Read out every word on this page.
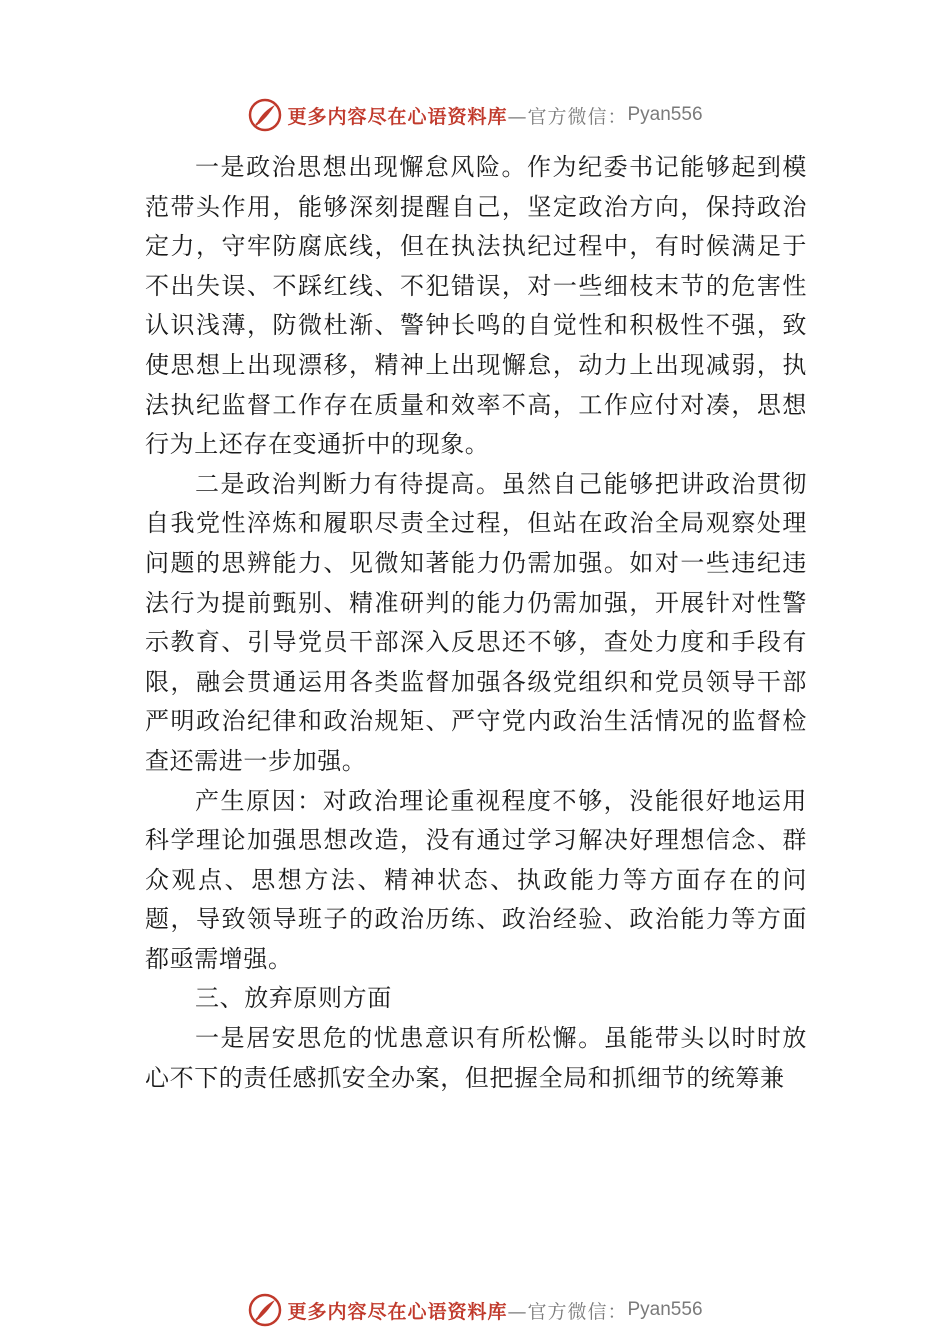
更多内容尽在心语资料库 —官方微信： Pyan556

一是政治思想出现懈怠风险。作为纪委书记能够起到模范带头作用，能够深刻提醒自己，坚定政治方向，保持政治定力，守牢防腐底线，但在执法执纪过程中，有时候满足于不出失误、不踩红线、不犯错误，对一些细枝末节的危害性认识浅薄，防微杜渐、警钟长鸣的自觉性和积极性不强，致使思想上出现漂移，精神上出现懈怠，动力上出现减弱，执法执纪监督工作存在质量和效率不高，工作应付对凑，思想行为上还存在变通折中的现象。

二是政治判断力有待提高。虽然自己能够把讲政治贯彻自我党性淬炼和履职尽责全过程，但站在政治全局观察处理问题的思辨能力、见微知著能力仍需加强。如对一些违纪违法行为提前甄别、精准研判的能力仍需加强，开展针对性警示教育、引导党员干部深入反思还不够，查处力度和手段有限，融会贯通运用各类监督加强各级党组织和党员领导干部严明政治纪律和政治规矩、严守党内政治生活情况的监督检查还需进一步加强。

产生原因：对政治理论重视程度不够，没能很好地运用科学理论加强思想改造，没有通过学习解决好理想信念、群众观点、思想方法、精神状态、执政能力等方面存在的问题，导致领导班子的政治历练、政治经验、政治能力等方面都亟需增强。

三、放弃原则方面

一是居安思危的忧患意识有所松懈。虽能带头以时时放心不下的责任感抓安全办案，但把握全局和抓细节的统筹兼

更多内容尽在心语资料库 —官方微信： Pyan556
